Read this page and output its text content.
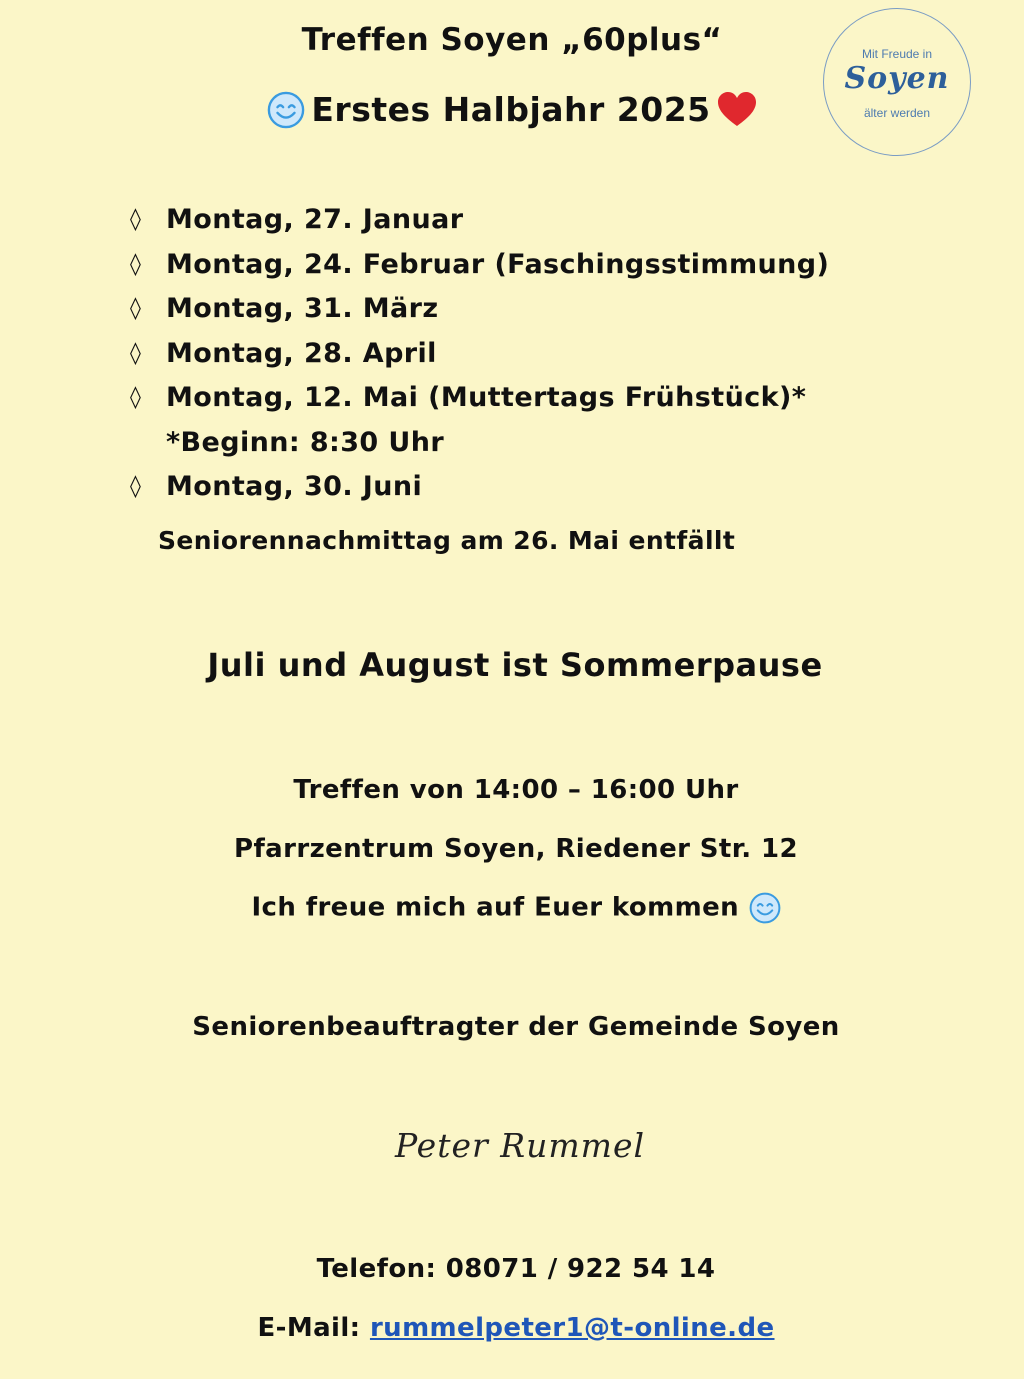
Treffen Soyen „60plus“
Erstes Halbjahr 2025
Mit Freude in
Soyen
älter werden
◊ Montag, 27. Januar
◊ Montag, 24. Februar (Faschingsstimmung)
◊ Montag, 31. März
◊ Montag, 28. April
◊ Montag, 12. Mai (Muttertags Frühstück)*
*Beginn: 8:30 Uhr
◊ Montag, 30. Juni
Seniorennachmittag am 26. Mai entfällt
Juli und August ist Sommerpause
Treffen von 14:00 – 16:00 Uhr
Pfarrzentrum Soyen, Riedener Str. 12
Ich freue mich auf Euer kommen
Seniorenbeauftragter der Gemeinde Soyen
Peter Rummel
Telefon: 08071 / 922 54 14
E-Mail: rummelpeter1@t-online.de
